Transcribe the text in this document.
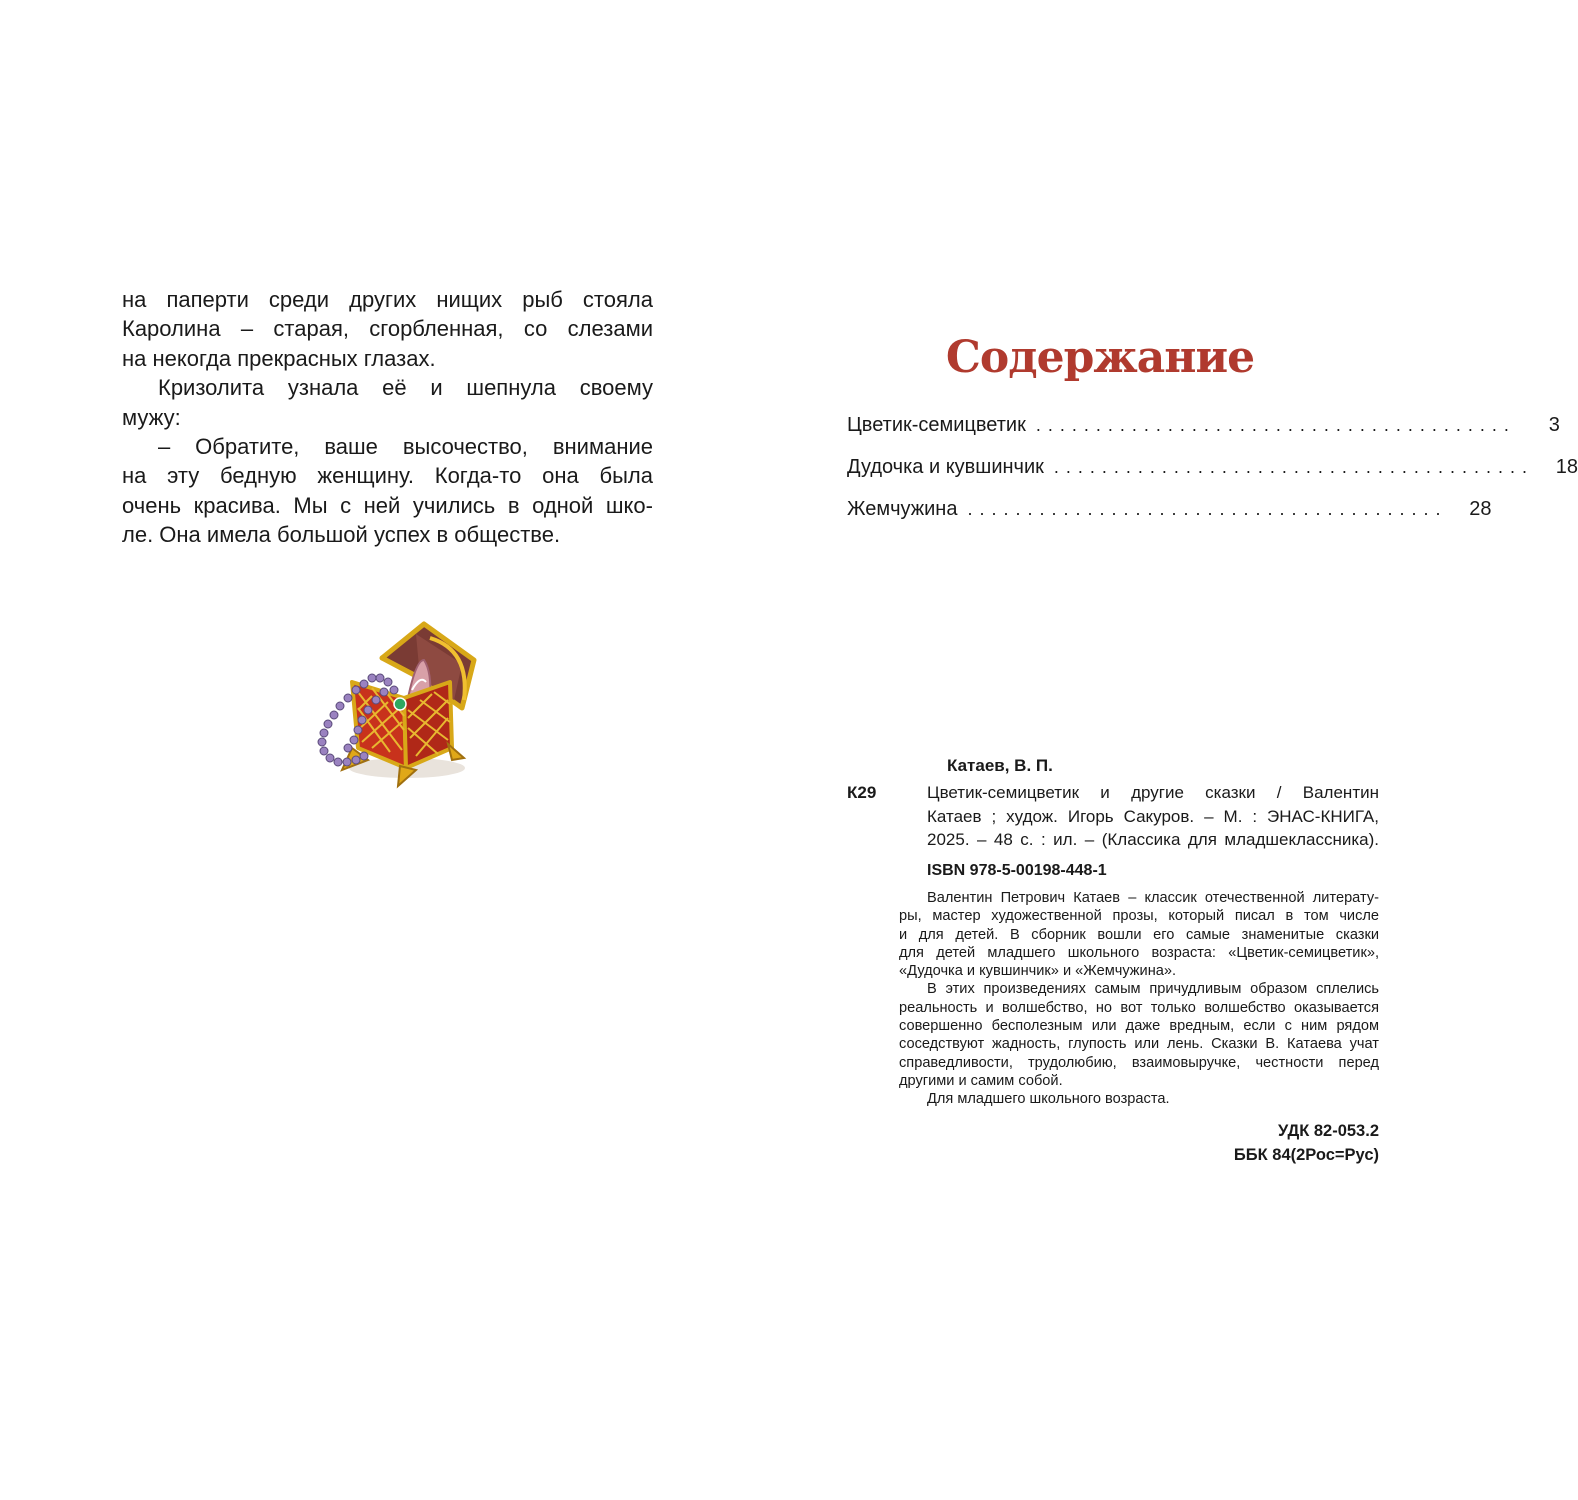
на паперти среди других нищих рыб стояла
Каролина – старая, сгорбленная, со слезами
на некогда прекрасных глазах.
Кризолита узнала её и шепнула своему
мужу:
– Обратите, ваше высочество, внимание
на эту бедную женщину. Когда-то она была
очень красива. Мы с ней учились в одной шко-
ле. Она имела большой успех в обществе.
Содержание
Цветик-семицветик ........................................	3
Дудочка и кувшинчик ........................................	18
Жемчужина ........................................	28
Катаев, В. П.
К29	Цветик-семицветик и другие сказки / Валентин
Катаев ; худож. Игорь Сакуров. – М. : ЭНАС-КНИГА,
2025. – 48 с. : ил. – (Классика для младшеклассника).
ISBN 978-5-00198-448-1
Валентин Петрович Катаев – классик отечественной литерату-
ры, мастер художественной прозы, который писал в том числе
и для детей. В сборник вошли его самые знаменитые сказки
для детей младшего школьного возраста: «Цветик-семицветик»,
«Дудочка и кувшинчик» и «Жемчужина».
В этих произведениях самым причудливым образом сплелись
реальность и волшебство, но вот только волшебство оказывается
совершенно бесполезным или даже вредным, если с ним рядом
соседствуют жадность, глупость или лень. Сказки В. Катаева учат
справедливости, трудолюбию, взаимовыручке, честности перед
другими и самим собой.
Для младшего школьного возраста.
УДК 82-053.2
ББК 84(2Рос=Рус)
